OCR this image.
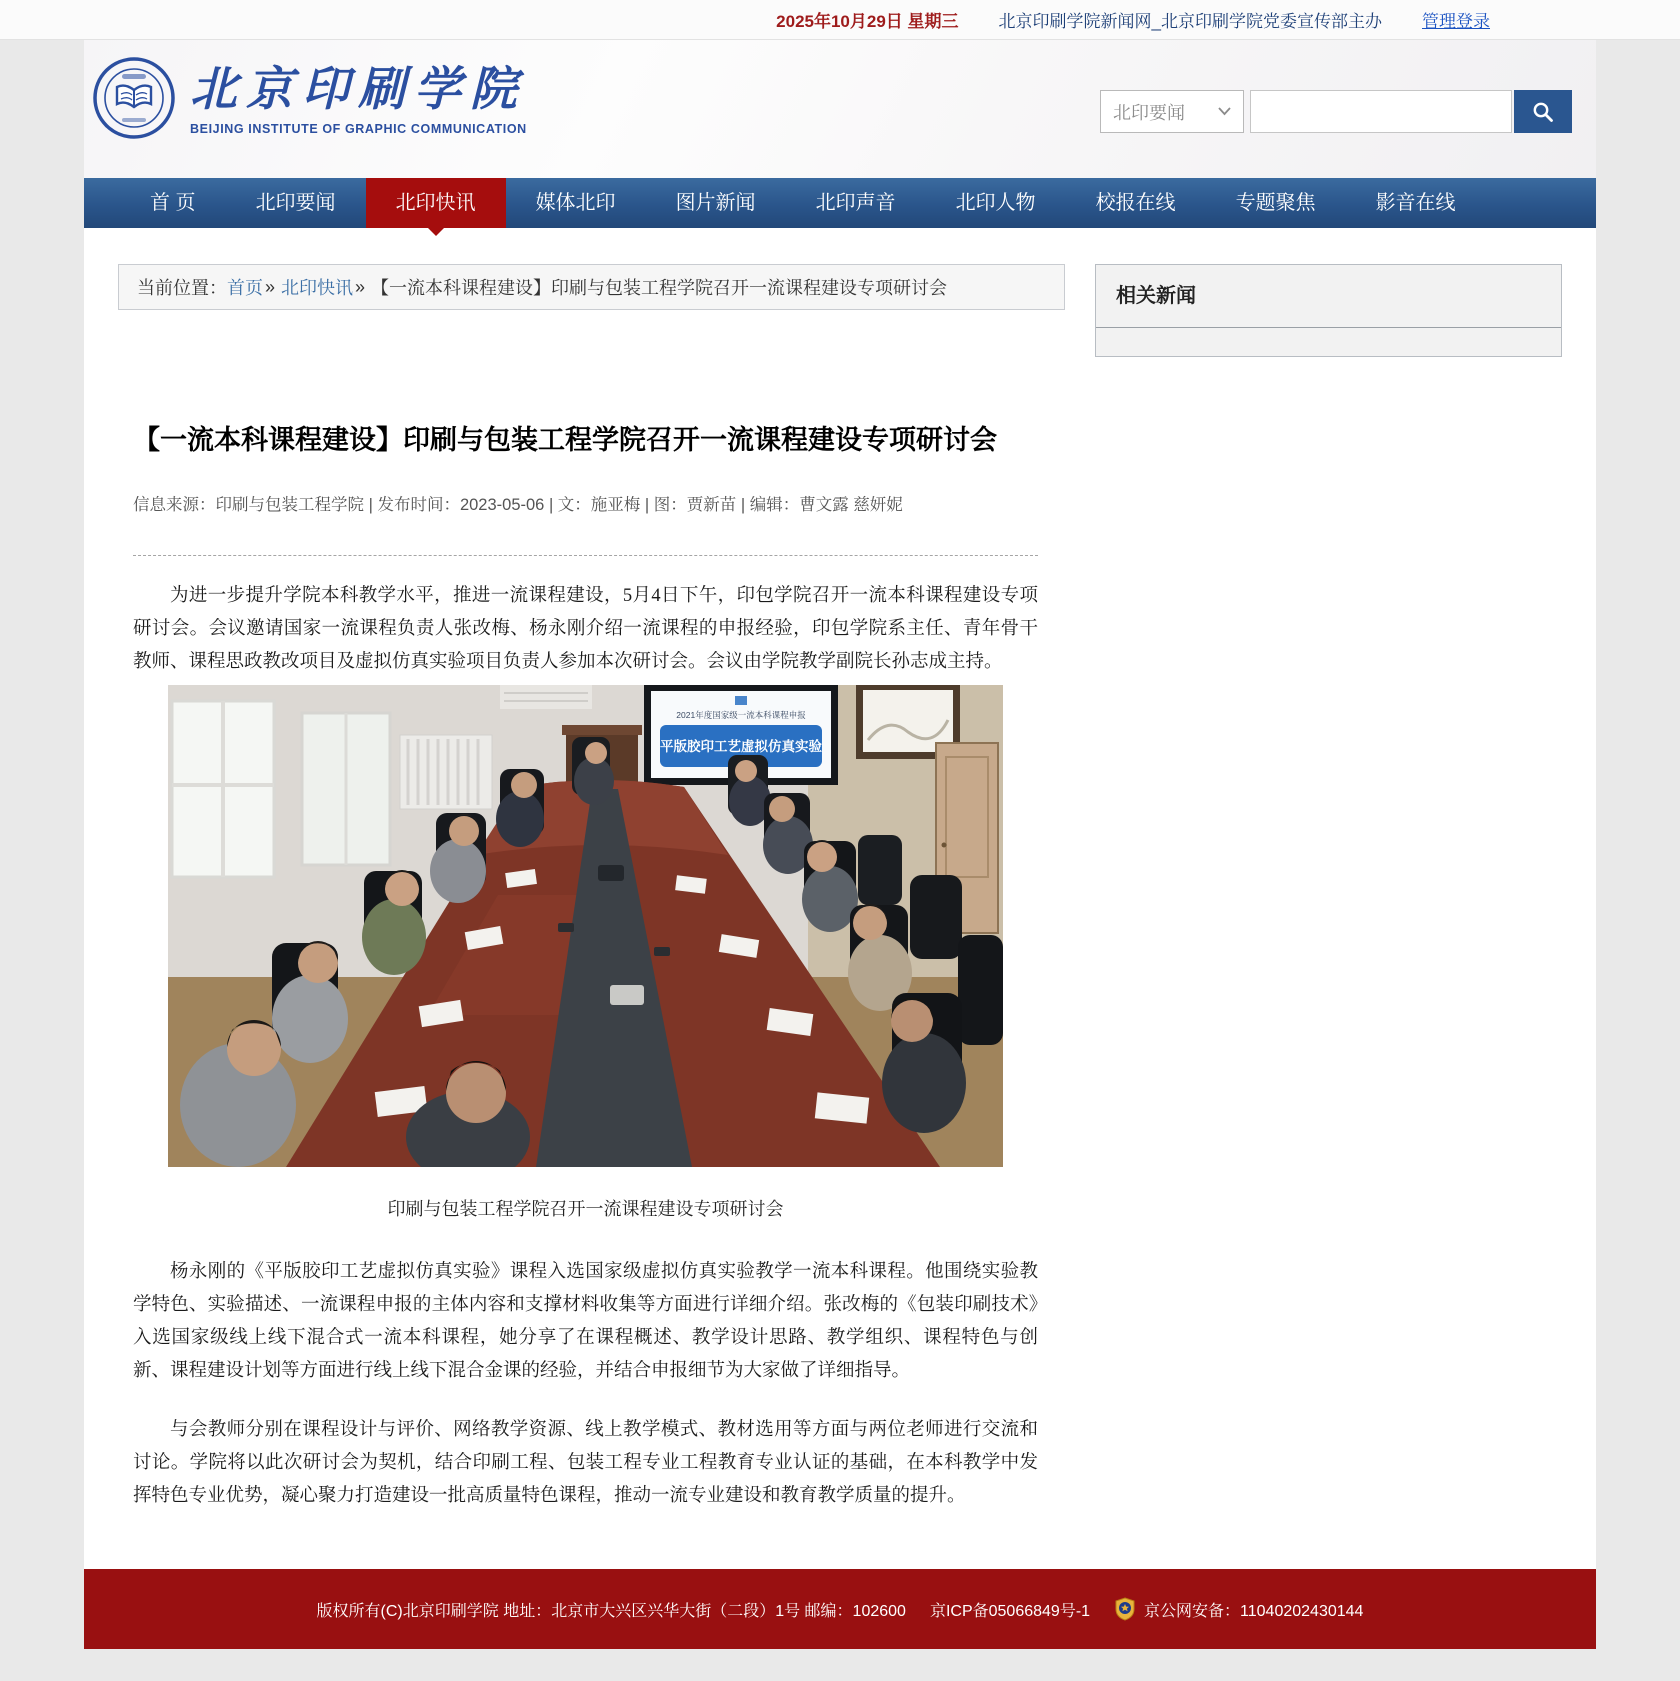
2025年10月29日 星期三 北京印刷学院新闻网_北京印刷学院党委宣传部主办 管理登录
北京印刷学院
BEIJING INSTITUTE OF GRAPHIC COMMUNICATION
北印要闻
首 页	北印要闻	北印快讯	媒体北印	图片新闻	北印声音	北印人物	校报在线	专题聚焦	影音在线
当前位置： 首页 » 北印快讯 » 【一流本科课程建设】印刷与包装工程学院召开一流课程建设专项研讨会	相关新闻
【一流本科课程建设】印刷与包装工程学院召开一流课程建设专项研讨会
信息来源：印刷与包装工程学院 | 发布时间：2023-05-06 | 文：施亚梅 | 图：贾新苗 | 编辑：曹文露 慈妍妮

为进一步提升学院本科教学水平，推进一流课程建设，5月4日下午，印包学院召开一流本科课程建设专项研讨会。会议邀请国家一流课程负责人张改梅、杨永刚介绍一流课程的申报经验，印包学院系主任、青年骨干教师、课程思政教改项目及虚拟仿真实验项目负责人参加本次研讨会。会议由学院教学副院长孙志成主持。

2021年度国家级一流本科课程申报
平版胶印工艺虚拟仿真实验
印刷与包装工程学院召开一流课程建设专项研讨会

杨永刚的《平版胶印工艺虚拟仿真实验》课程入选国家级虚拟仿真实验教学一流本科课程。他围绕实验教学特色、实验描述、一流课程申报的主体内容和支撑材料收集等方面进行详细介绍。张改梅的《包装印刷技术》入选国家级线上线下混合式一流本科课程，她分享了在课程概述、教学设计思路、教学组织、课程特色与创新、课程建设计划等方面进行线上线下混合金课的经验，并结合申报细节为大家做了详细指导。

与会教师分别在课程设计与评价、网络教学资源、线上教学模式、教材选用等方面与两位老师进行交流和讨论。学院将以此次研讨会为契机，结合印刷工程、包装工程专业工程教育专业认证的基础，在本科教学中发挥特色专业优势，凝心聚力打造建设一批高质量特色课程，推动一流专业建设和教育教学质量的提升。

版权所有(C)北京印刷学院 地址：北京市大兴区兴华大街（二段）1号 邮编：102600 京ICP备05066849号-1	京公网安备：11040202430144
